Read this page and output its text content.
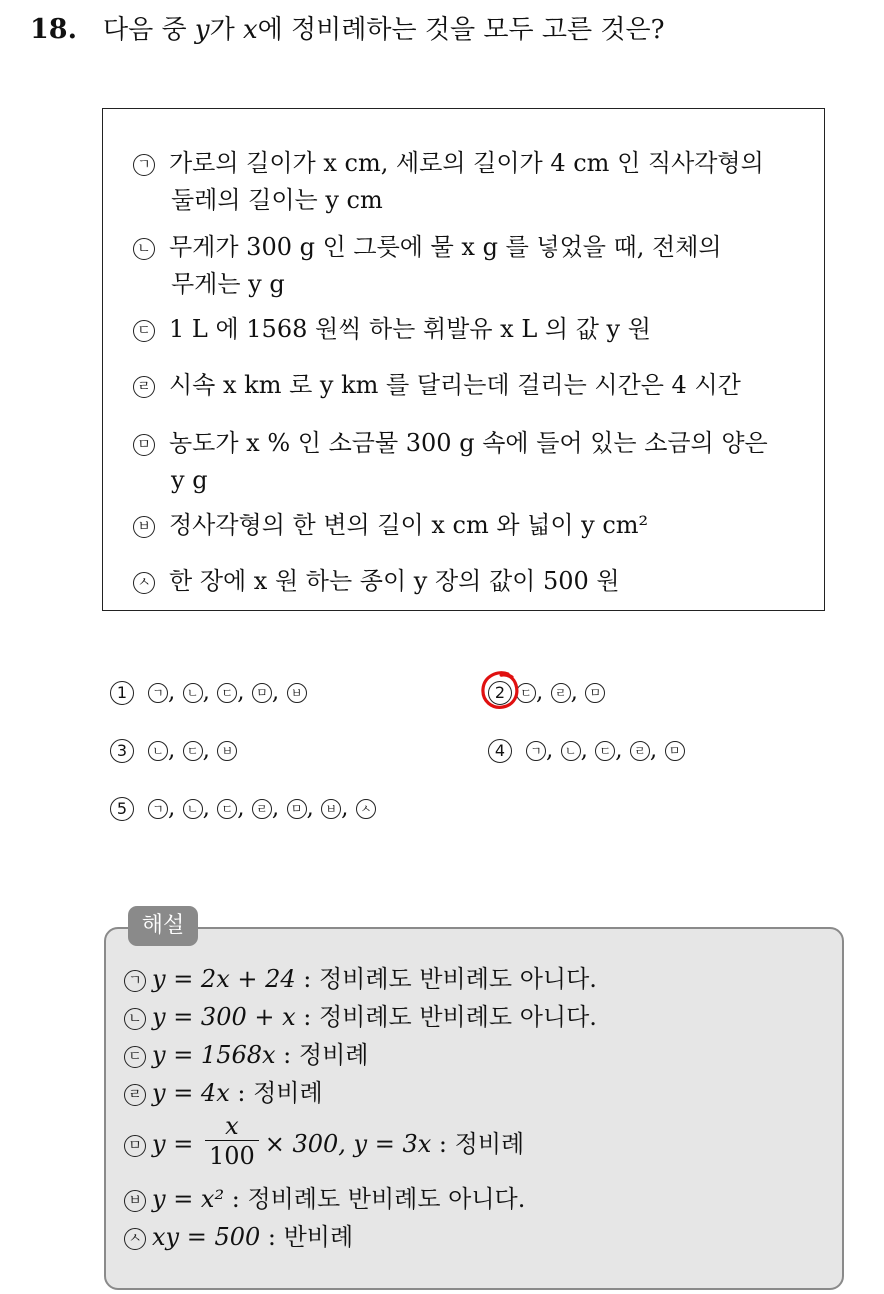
18. 다음 중 y가 x에 정비례하는 것을 모두 고른 것은?
ㄱ 가로의 길이가 x cm, 세로의 길이가 4 cm 인 직사각형의
둘레의 길이는 y cm
ㄴ 무게가 300 g 인 그릇에 물 x g 를 넣었을 때, 전체의
무게는 y g
ㄷ 1 L 에 1568 원씩 하는 휘발유 x L 의 값 y 원
ㄹ 시속 x km 로 y km 를 달리는데 걸리는 시간은 4 시간
ㅁ 농도가 x % 인 소금물 300 g 속에 들어 있는 소금의 양은
y g
ㅂ 정사각형의 한 변의 길이 x cm 와 넓이 y cm²
ㅅ 한 장에 x 원 하는 종이 y 장의 값이 500 원
1 ㄱ , ㄴ , ㄷ , ㅁ , ㅂ	2 ㄷ , ㄹ , ㅁ
3 ㄴ , ㄷ , ㅂ	4 ㄱ , ㄴ , ㄷ , ㄹ , ㅁ
5 ㄱ , ㄴ , ㄷ , ㄹ , ㅁ , ㅂ , ㅅ
해설
ㄱ y = 2x + 24 : 정비례도 반비례도 아니다.
ㄴ y = 300 + x : 정비례도 반비례도 아니다.
ㄷ y = 1568x : 정비례
ㄹ y = 4x : 정비례
ㅁ $y = \frac{x}{100} \times 300$, y = 3x : 정비례
ㅂ y = x² : 정비례도 반비례도 아니다.
ㅅ xy = 500 : 반비례
